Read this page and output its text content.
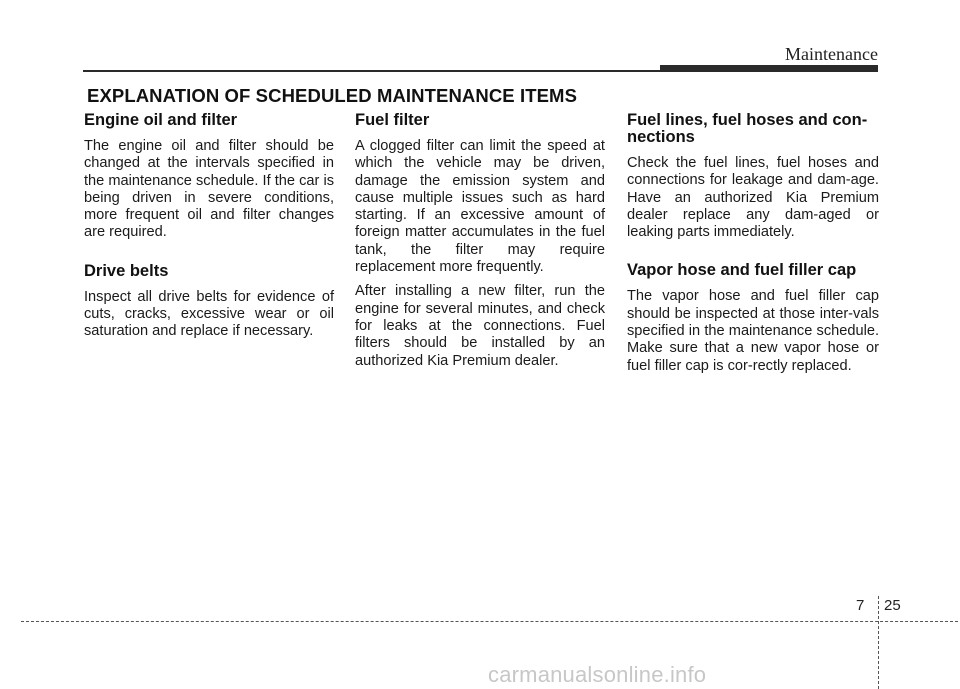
Maintenance
EXPLANATION OF SCHEDULED MAINTENANCE ITEMS
Engine oil and filter

The engine oil and filter should be changed at the intervals specified in the maintenance schedule. If the car is being driven in severe conditions, more frequent oil and filter changes are required.

Drive belts

Inspect all drive belts for evidence of cuts, cracks, excessive wear or oil saturation and replace if necessary.

Fuel filter

A clogged filter can limit the speed at which the vehicle may be driven, damage the emission system and cause multiple issues such as hard starting. If an excessive amount of foreign matter accumulates in the fuel tank, the filter may require replacement more frequently.

After installing a new filter, run the engine for several minutes, and check for leaks at the connections. Fuel filters should be installed by an authorized Kia Premium dealer.

Fuel lines, fuel hoses and con-nections

Check the fuel lines, fuel hoses and connections for leakage and dam-age. Have an authorized Kia Premium dealer replace any dam-aged or leaking parts immediately.

Vapor hose and fuel filler cap

The vapor hose and fuel filler cap should be inspected at those inter-vals specified in the maintenance schedule. Make sure that a new vapor hose or fuel filler cap is cor-rectly replaced.

7 25
carmanualsonline.info
